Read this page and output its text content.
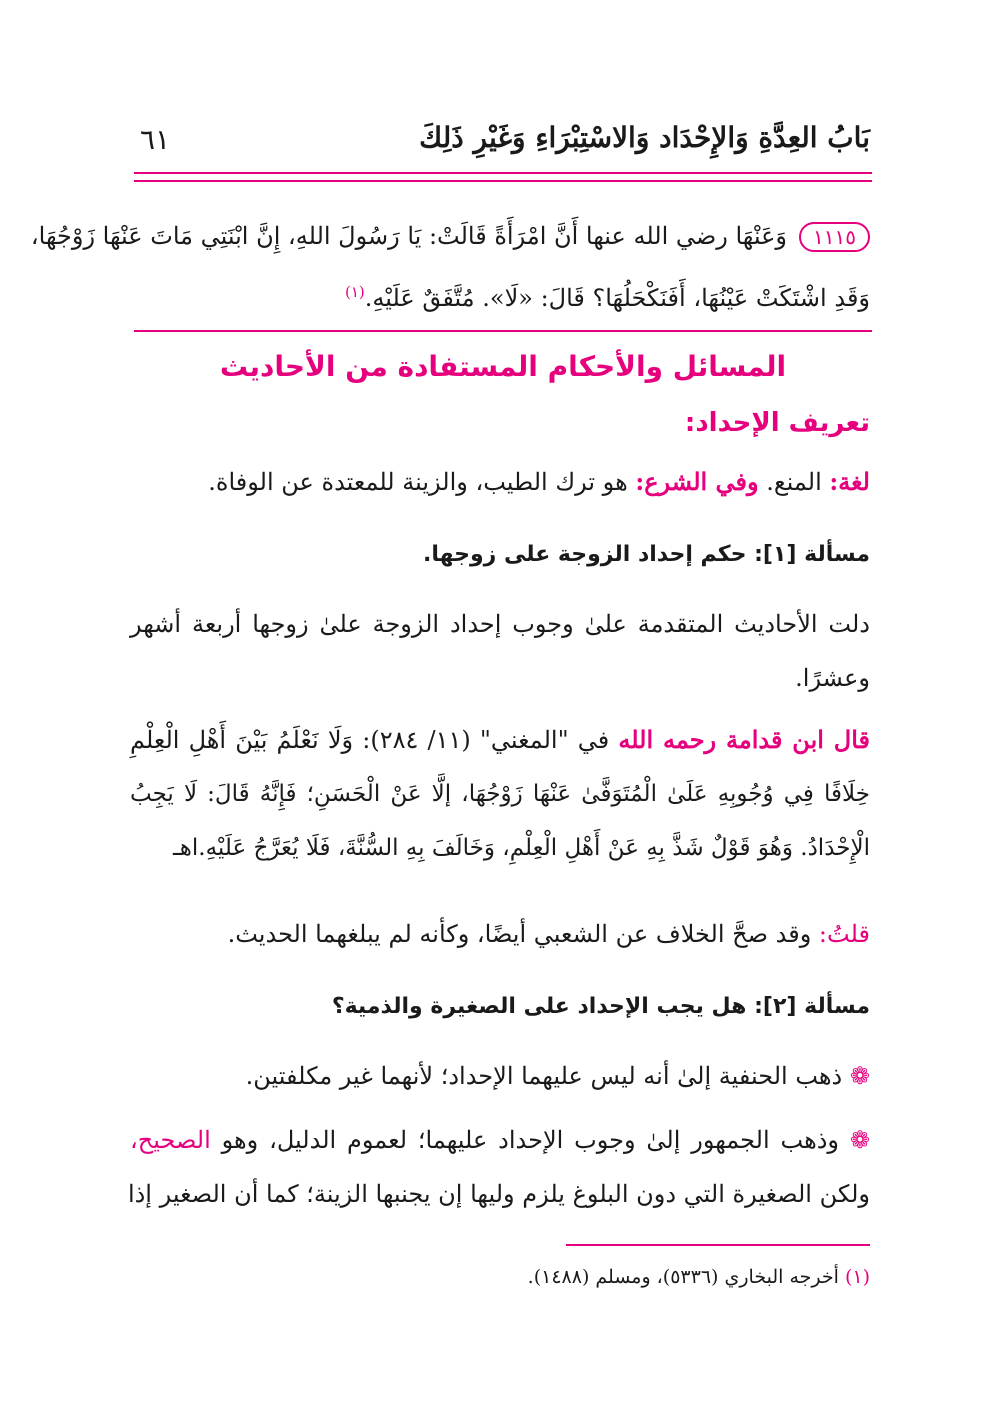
بَابُ العِدَّةِ وَالإِحْدَاد وَالاسْتِبْرَاءِ وَغَيْرِ ذَلِكَ
٦١
١١١٥وَعَنْهَا رضي الله عنها أَنَّ امْرَأَةً قَالَتْ: يَا رَسُولَ اللهِ، إِنَّ ابْنَتِي مَاتَ عَنْهَا زَوْجُهَا،
وَقَدِ اشْتَكَتْ عَيْنُهَا، أَفَنَكْحَلُهَا؟ قَالَ: «لَا». مُتَّفَقٌ عَلَيْهِ.$^{(١)}$
المسائل والأحكام المستفادة من الأحاديث
تعريف الإحداد:
لغة: المنع. وفي الشرع: هو ترك الطيب، والزينة للمعتدة عن الوفاة.
مسألة [١]: حكم إحداد الزوجة على زوجها.
دلت الأحاديث المتقدمة علىٰ وجوب إحداد الزوجة علىٰ زوجها أربعة أشهر
وعشرًا.
قال ابن قدامة رحمه الله في "المغني" (١١/ ٢٨٤): وَلَا نَعْلَمُ بَيْنَ أَهْلِ الْعِلْمِ
خِلَافًا فِي وُجُوبِهِ عَلَىٰ الْمُتَوَفَّىٰ عَنْهَا زَوْجُهَا، إلَّا عَنْ الْحَسَنِ؛ فَإِنَّهُ قَالَ: لَا يَجِبُ
الْإِحْدَادُ. وَهُوَ قَوْلٌ شَذَّ بِهِ عَنْ أَهْلِ الْعِلْمِ، وَخَالَفَ بِهِ السُّنَّةَ، فَلَا يُعَرَّجُ عَلَيْهِ.اهـ
قلتُ: وقد صحَّ الخلاف عن الشعبي أيضًا، وكأنه لم يبلغهما الحديث.
مسألة [٢]: هل يجب الإحداد على الصغيرة والذمية؟
❁ ذهب الحنفية إلىٰ أنه ليس عليهما الإحداد؛ لأنهما غير مكلفتين.
❁ وذهب الجمهور إلىٰ وجوب الإحداد عليهما؛ لعموم الدليل، وهو الصحيح،
ولكن الصغيرة التي دون البلوغ يلزم وليها إن يجنبها الزينة؛ كما أن الصغير إذا
(١) أخرجه البخاري (٥٣٣٦)، ومسلم (١٤٨٨).
